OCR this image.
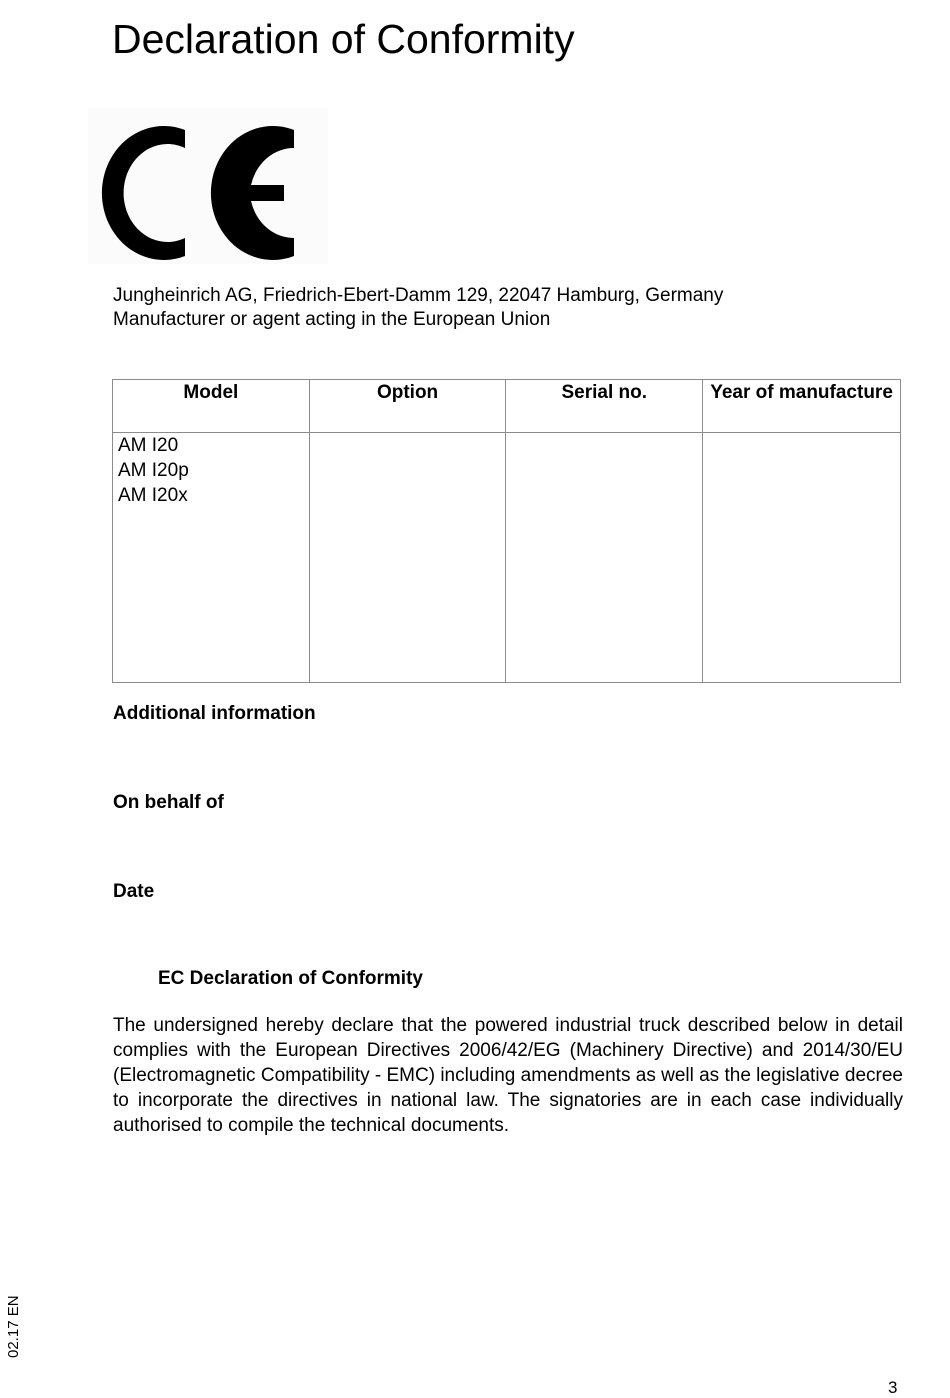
Declaration of Conformity
Jungheinrich AG, Friedrich-Ebert-Damm 129, 22047 Hamburg, Germany
Manufacturer or agent acting in the European Union
Model	Option	Serial no.	Year of manufacture

AM I20
AM I20p
AM I20x			

Additional information
On behalf of
Date
EC Declaration of Conformity

The undersigned hereby declare that the powered industrial truck described below in detail complies with the European Directives 2006/42/EG (Machinery Directive) and 2014/30/EU (Electromagnetic Compatibility - EMC) including amendments as well as the legislative decree to incorporate the directives in national law. The signatories are in each case individually authorised to compile the technical documents.

02.17 EN
3
